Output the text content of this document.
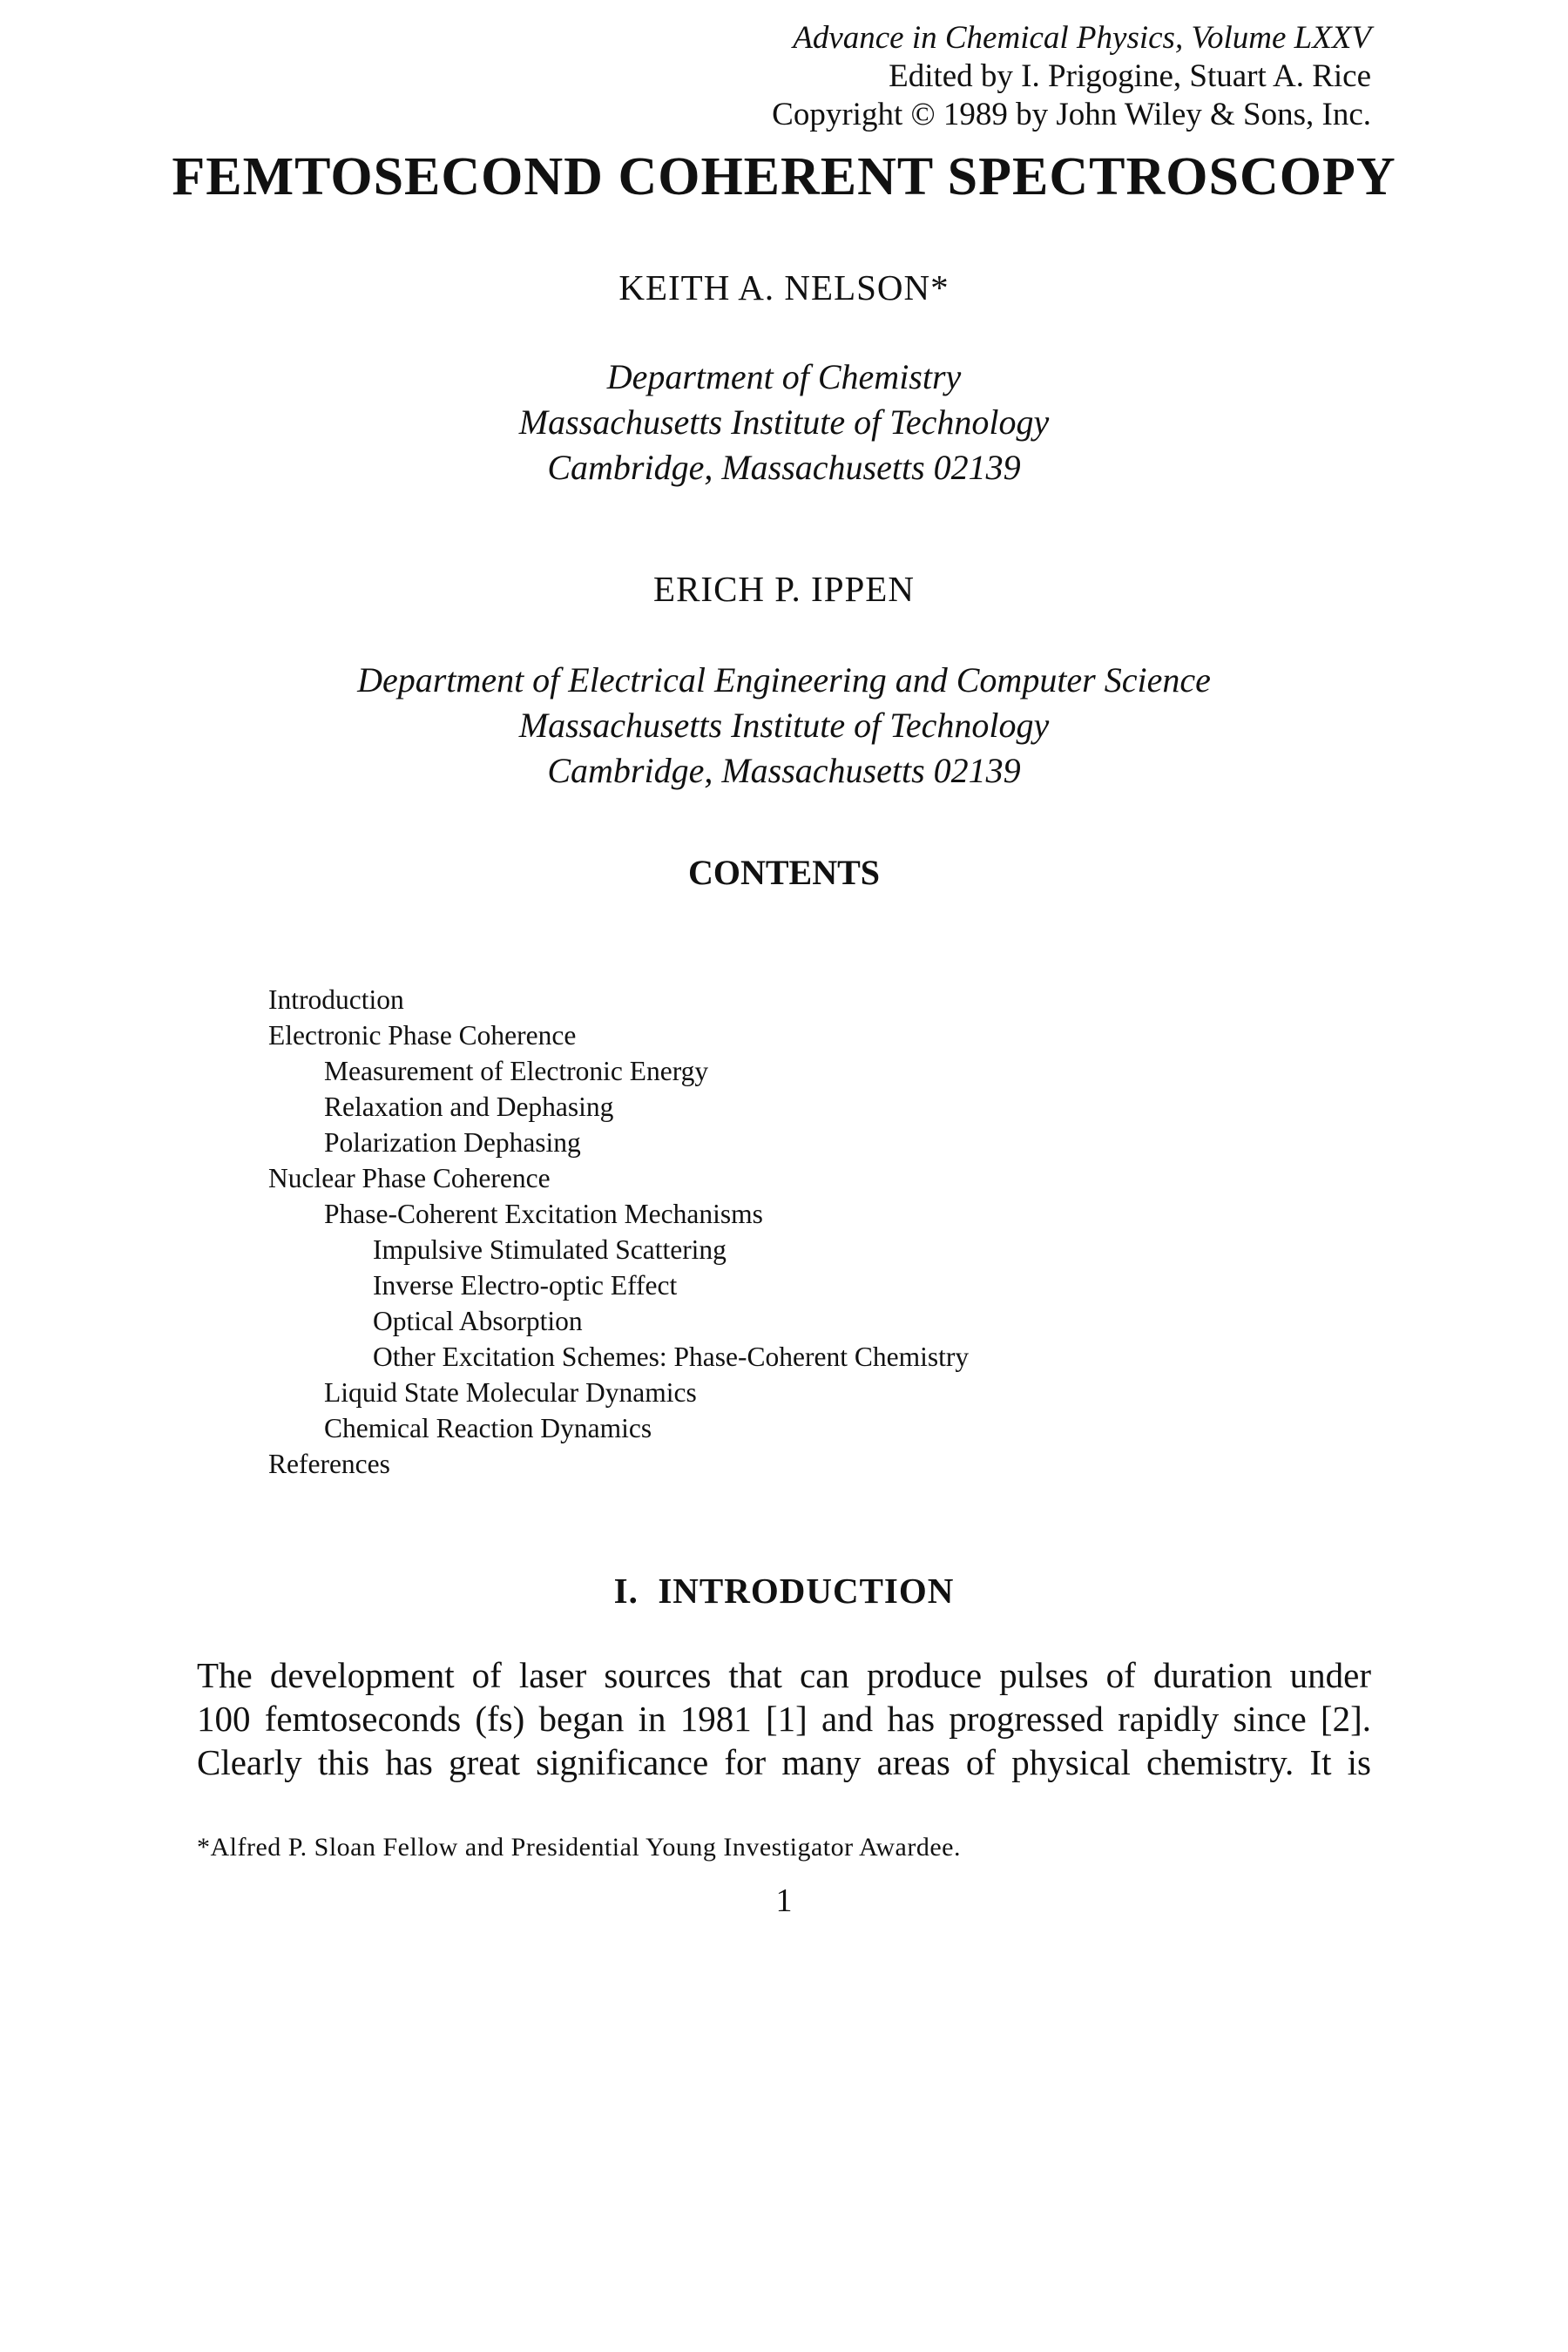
Advance in Chemical Physics, Volume LXXV
Edited by I. Prigogine, Stuart A. Rice
Copyright © 1989 by John Wiley & Sons, Inc.
FEMTOSECOND COHERENT SPECTROSCOPY
KEITH A. NELSON*
Department of Chemistry
Massachusetts Institute of Technology
Cambridge, Massachusetts 02139
ERICH P. IPPEN
Department of Electrical Engineering and Computer Science
Massachusetts Institute of Technology
Cambridge, Massachusetts 02139
CONTENTS
Introduction
Electronic Phase Coherence
Measurement of Electronic Energy
Relaxation and Dephasing
Polarization Dephasing
Nuclear Phase Coherence
Phase-Coherent Excitation Mechanisms
Impulsive Stimulated Scattering
Inverse Electro-optic Effect
Optical Absorption
Other Excitation Schemes: Phase-Coherent Chemistry
Liquid State Molecular Dynamics
Chemical Reaction Dynamics
References
I.  INTRODUCTION
The development of laser sources that can produce pulses of duration under
100 femtoseconds (fs) began in 1981 [1] and has progressed rapidly since [2].
Clearly this has great significance for many areas of physical chemistry. It is
*Alfred P. Sloan Fellow and Presidential Young Investigator Awardee.
1
